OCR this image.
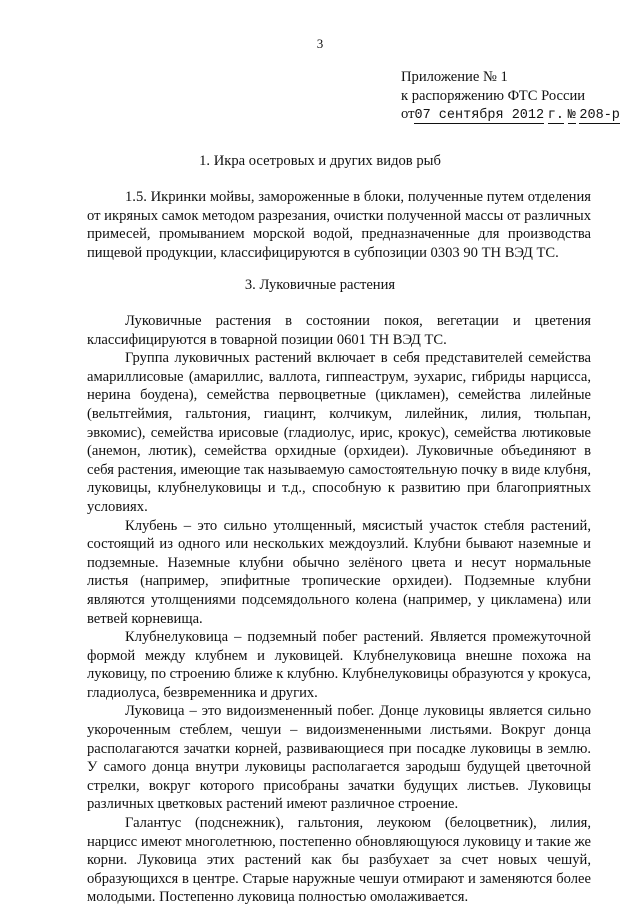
3
Приложение № 1
к распоряжению ФТС России
от07 сентября 2012 г. № 208-р
1. Икра осетровых и других видов рыб

1.5. Икринки мойвы, замороженные в блоки, полученные путем отделения от икряных самок методом разрезания, очистки полученной массы от различных примесей, промыванием морской водой, предназначенные для производства пищевой продукции, классифицируются в субпозиции 0303 90 ТН ВЭД ТС.

3. Луковичные растения

Луковичные растения в состоянии покоя, вегетации и цветения классифицируются в товарной позиции 0601 ТН ВЭД ТС.

Группа луковичных растений включает в себя представителей семейства амариллисовые (амариллис, валлота, гиппеаструм, эухарис, гибриды нарцисса, нерина боудена), семейства первоцветные (цикламен), семейства лилейные (вельтгеймия, гальтония, гиацинт, колчикум, лилейник, лилия, тюльпан, эвкомис), семейства ирисовые (гладиолус, ирис, крокус), семейства лютиковые (анемон, лютик), семейства орхидные (орхидеи). Луковичные объединяют в себя растения, имеющие так называемую самостоятельную почку в виде клубня, луковицы, клубнелуковицы и т.д., способную к развитию при благоприятных условиях.

Клубень – это сильно утолщенный, мясистый участок стебля растений, состоящий из одного или нескольких междоузлий. Клубни бывают наземные и подземные. Наземные клубни обычно зелёного цвета и несут нормальные листья (например, эпифитные тропические орхидеи). Подземные клубни являются утолщениями подсемядольного колена (например, у цикламена) или ветвей корневища.

Клубнелуковица – подземный побег растений. Является промежуточной формой между клубнем и луковицей. Клубнелуковица внешне похожа на луковицу, по строению ближе к клубню. Клубнелуковицы образуются у крокуса, гладиолуса, безвременника и других.

Луковица – это видоизмененный побег. Донце луковицы является сильно укороченным стеблем, чешуи – видоизмененными листьями. Вокруг донца располагаются зачатки корней, развивающиеся при посадке луковицы в землю. У самого донца внутри луковицы располагается зародыш будущей цветочной стрелки, вокруг которого присобраны зачатки будущих листьев. Луковицы различных цветковых растений имеют различное строение.

Галантус (подснежник), гальтония, леукоюм (белоцветник), лилия, нарцисс имеют многолетнюю, постепенно обновляющуюся луковицу и такие же корни. Луковица этих растений как бы разбухает за счет новых чешуй, образующихся в центре. Старые наружные чешуи отмирают и заменяются более молодыми. Постепенно луковица полностью омолаживается.
